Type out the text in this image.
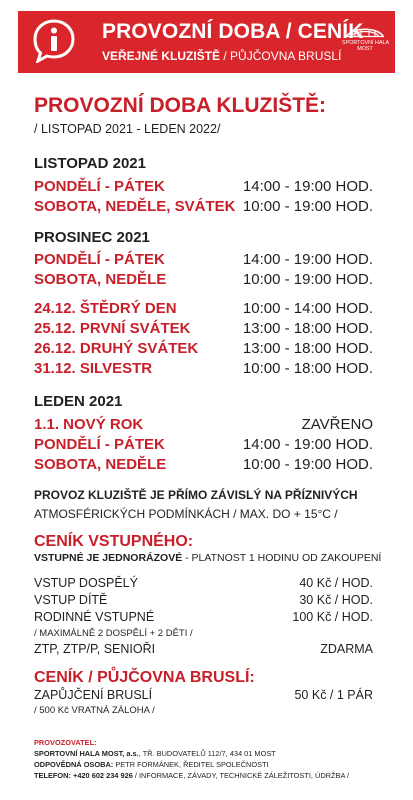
PROVOZNÍ DOBA / CENÍK
VEŘEJNÉ KLUZIŠTĚ / PŮJČOVNA BRUSLÍ
SPORTOVNÍ HALA
MOST
PROVOZNÍ DOBA KLUZIŠTĚ:
/ LISTOPAD 2021 - LEDEN 2022/
LISTOPAD 2021
PONDĚLÍ - PÁTEK	14:00 - 19:00 HOD.
SOBOTA, NEDĚLE, SVÁTEK 10:00 - 19:00 HOD.
PROSINEC 2021
PONDĚLÍ - PÁTEK	14:00 - 19:00 HOD.
SOBOTA, NEDĚLE	10:00 - 19:00 HOD.
24.12. ŠTĚDRÝ DEN	10:00 - 14:00 HOD.
25.12. PRVNÍ SVÁTEK	13:00 - 18:00 HOD.
26.12. DRUHÝ SVÁTEK	13:00 - 18:00 HOD.
31.12. SILVESTR	10:00 - 18:00 HOD.
LEDEN 2021
1.1. NOVÝ ROK	ZAVŘENO
PONDĚLÍ - PÁTEK	14:00 - 19:00 HOD.
SOBOTA, NEDĚLE	10:00 - 19:00 HOD.
PROVOZ KLUZIŠTĚ JE PŘÍMO ZÁVISLÝ NA PŘÍZNIVÝCH
ATMOSFÉRICKÝCH PODMÍNKÁCH / MAX. DO + 15°C /
CENÍK VSTUPNÉHO:
VSTUPNÉ JE JEDNORÁZOVÉ - PLATNOST 1 HODINU OD ZAKOUPENÍ
VSTUP DOSPĚLÝ	40 Kč / HOD.
VSTUP DÍTĚ	30 Kč / HOD.
RODINNÉ VSTUPNÉ	100 Kč / HOD.
/ MAXIMÁLNĚ 2 DOSPĚLÍ + 2 DĚTI /
ZTP, ZTP/P, SENIOŘI	ZDARMA
CENÍK / PŮJČOVNA BRUSLÍ:
ZAPŮJČENÍ BRUSLÍ	50 Kč / 1 PÁR
/ 500 Kč VRATNÁ ZÁLOHA /
PROVOZOVATEL:
SPORTOVNÍ HALA MOST, a.s., TŘ. BUDOVATELŮ 112/7, 434 01 MOST
ODPOVĚDNÁ OSOBA: PETR FORMÁNEK, ŘEDITEL SPOLEČNOSTI
TELEFON: +420 602 234 926 / INFORMACE, ZÁVADY, TECHNICKÉ ZÁLEŽITOSTI, ÚDRŽBA /
